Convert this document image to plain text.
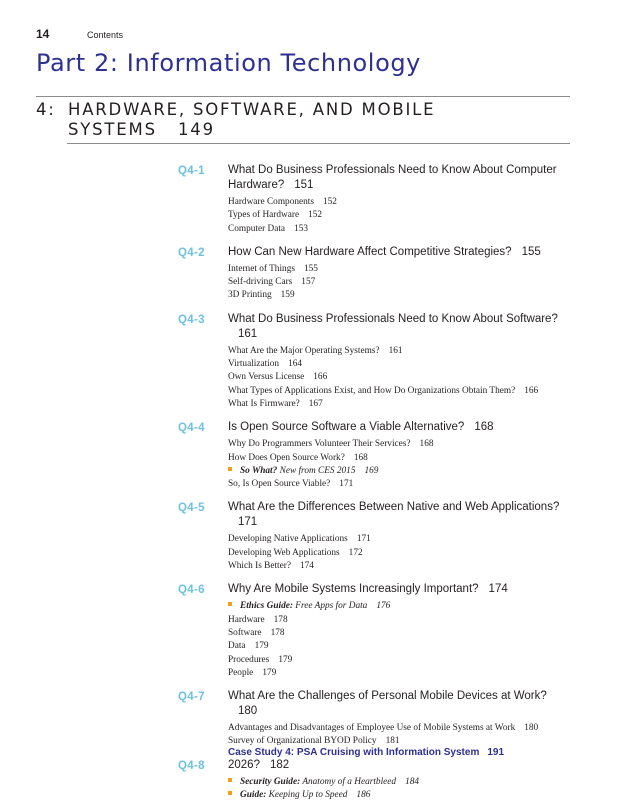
14	Contents
Part 2: Information Technology
4: HARDWARE, SOFTWARE, AND MOBILE
SYSTEMS 149
Q4-1 What Do Business Professionals Need to Know About Computer Hardware? 151
Hardware Components 152
Types of Hardware 152
Computer Data 153
Q4-2 How Can New Hardware Affect Competitive Strategies? 155
Internet of Things 155
Self-driving Cars 157
3D Printing 159
Q4-3 What Do Business Professionals Need to Know About Software?161
What Are the Major Operating Systems? 161
Virtualization 164
Own Versus License 166
What Types of Applications Exist, and How Do Organizations Obtain Them? 166
What Is Firmware? 167
Q4-4 Is Open Source Software a Viable Alternative? 168
Why Do Programmers Volunteer Their Services? 168
How Does Open Source Work? 168
So What? New from CES 2015 169
So, Is Open Source Viable? 171
Q4-5 What Are the Differences Between Native and Web Applications?171
Developing Native Applications 171
Developing Web Applications 172
Which Is Better? 174
Q4-6 Why Are Mobile Systems Increasingly Important? 174
Ethics Guide: Free Apps for Data 176
Hardware 178
Software 178
Data 179
Procedures 179
People 179
Q4-7 What Are the Challenges of Personal Mobile Devices at Work?180
Advantages and Disadvantages of Employee Use of Mobile Systems at Work 180
Survey of Organizational BYOD Policy 181
Q4-8 2026? 182
Security Guide: Anatomy of a Heartbleed 184
Guide: Keeping Up to Speed 186
Case Study 4: PSA Cruising with Information System 191
